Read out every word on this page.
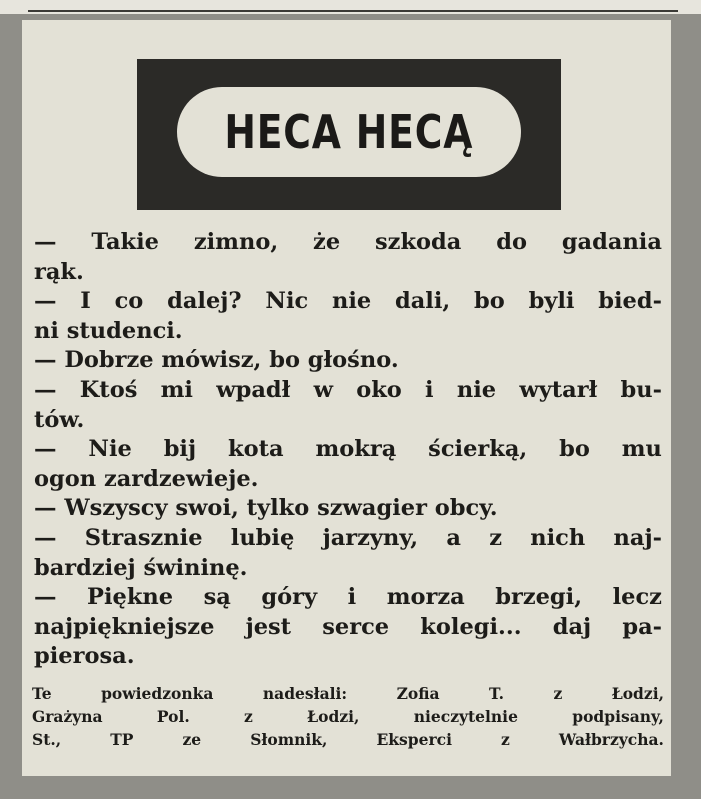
HECA HECĄ
— Takie zimno, że szkoda do gadania
rąk.
— I co dalej? Nic nie dali, bo byli bied-
ni studenci.
— Dobrze mówisz, bo głośno.
— Ktoś mi wpadł w oko i nie wytarł bu-
tów.
— Nie bij kota mokrą ścierką, bo mu
ogon zardzewieje.
— Wszyscy swoi, tylko szwagier obcy.
— Strasznie lubię jarzyny, a z nich naj-
bardziej świninę.
— Piękne są góry i morza brzegi, lecz
najpiękniejsze jest serce kolegi... daj pa-
pierosa.
Te	powiedzonka	nadesłali:	Zofia	T.	z	Łodzi,
Grażyna	Pol.	z	Łodzi,	nieczytelnie	podpisany,
St.,	TP	ze	Słomnik,	Eksperci	z	Wałbrzycha.
